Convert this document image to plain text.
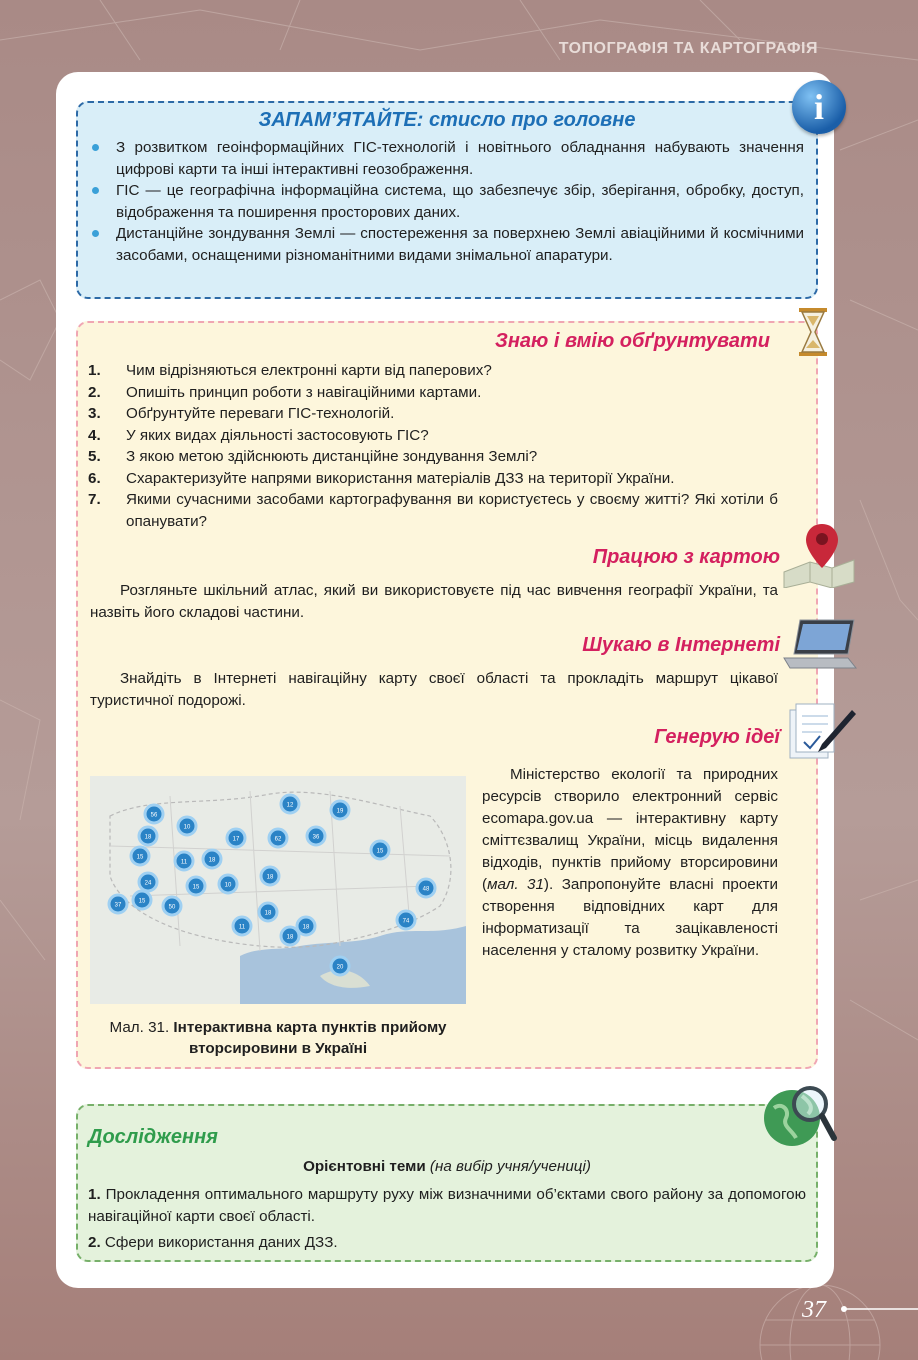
ТОПОГРАФІЯ ТА КАРТОГРАФІЯ
ЗАПАМ’ЯТАЙТЕ: стисло про головне
З розвитком геоінформаційних ГІС-технологій і новітнього обладнання набувають значення цифрові карти та інші інтерактивні геозображення.
ГІС — це географічна інформаційна система, що забезпечує збір, зберігання, обробку, доступ, відображення та поширення просторових даних.
Дистанційне зондування Землі — спостереження за поверхнею Землі авіаційними й космічними засобами, оснащеними різноманітними видами знімальної апаратури.
i
Знаю і вмію обґрунтувати
1. Чим відрізняються електронні карти від паперових?
2. Опишіть принцип роботи з навігаційними картами.
3. Обґрунтуйте переваги ГІС-технологій.
4. У яких видах діяльності застосовують ГІС?
5. З якою метою здійснюють дистанційне зондування Землі?
6. Схарактеризуйте напрями використання матеріалів ДЗЗ на території України.
7. Якими сучасними засобами картографування ви користуєтесь у своєму житті? Які хотіли б опанувати?
Працюю з картою
Розгляньте шкільний атлас, який ви використовуєте під час вивчення географії України, та назвіть його складові частини.
Шукаю в Інтернеті
Знайдіть в Інтернеті навігаційну карту своєї області та прокладіть маршрут цікавої туристичної подорожі.
Генерую ідеї
Міністерство екології та природних ресурсів створило електронний сервіс ecomapa.gov.ua — інтерактивну карту сміттєзвалищ України, місць видалення відходів, пунктів прийому вторсировини (мал. 31). Запропонуйте власні проекти створення відповідних карт для інформатизації та зацікавленості населення у сталому розвитку України.
56
10
12
19
18
15
37
11
17	62
15
36
15
24
15
18
50
10
18
11	18
20
18
74
48
18
Мал. 31. Інтерактивна карта пунктів прийому вторсировини в Україні
Дослідження
Орієнтовні теми (на вибір учня/учениці)
1. Прокладення оптимального маршруту руху між визначними об’єктами свого району за допомогою навігаційної карти своєї області.
2. Сфери використання даних ДЗЗ.
37
